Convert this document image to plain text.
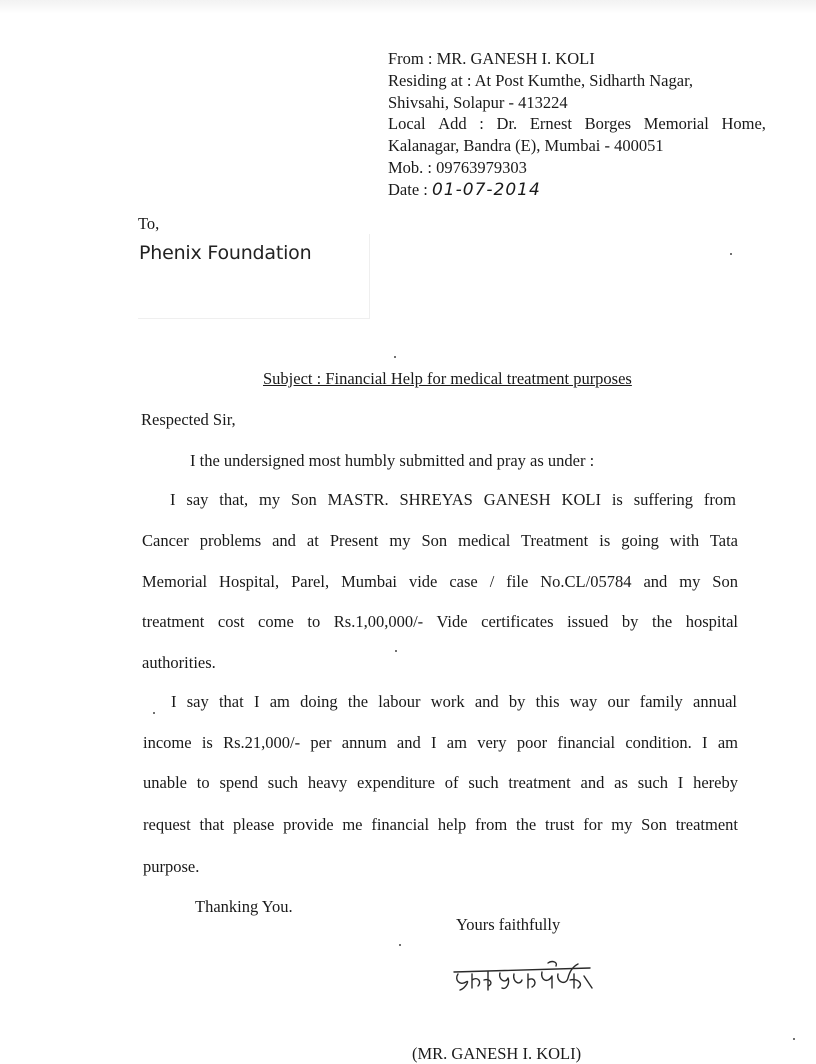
From : MR. GANESH I. KOLI
Residing at : At Post Kumthe, Sidharth Nagar,
Shivsahi, Solapur - 413224
Local Add : Dr. Ernest Borges Memorial Home,
Kalanagar, Bandra (E), Mumbai - 400051
Mob. : 09763979303
Date : 01-07-2014
To,
Phenix Foundation
Subject : Financial Help for medical treatment purposes
Respected Sir,
I the undersigned most humbly submitted and pray as under :
I say that, my Son MASTR. SHREYAS GANESH KOLI is suffering from
Cancer problems and at Present my Son medical Treatment is going with Tata
Memorial Hospital, Parel, Mumbai vide case / file No.CL/05784 and my Son
treatment cost come to Rs.1,00,000/- Vide certificates issued by the hospital
authorities.
I say that I am doing the labour work and by this way our family annual
income is Rs.21,000/- per annum and I am very poor financial condition. I am
unable to spend such heavy expenditure of such treatment and as such I hereby
request that please provide me financial help from the trust for my Son treatment
purpose.
Thanking You.
Yours faithfully
(MR. GANESH I. KOLI)
